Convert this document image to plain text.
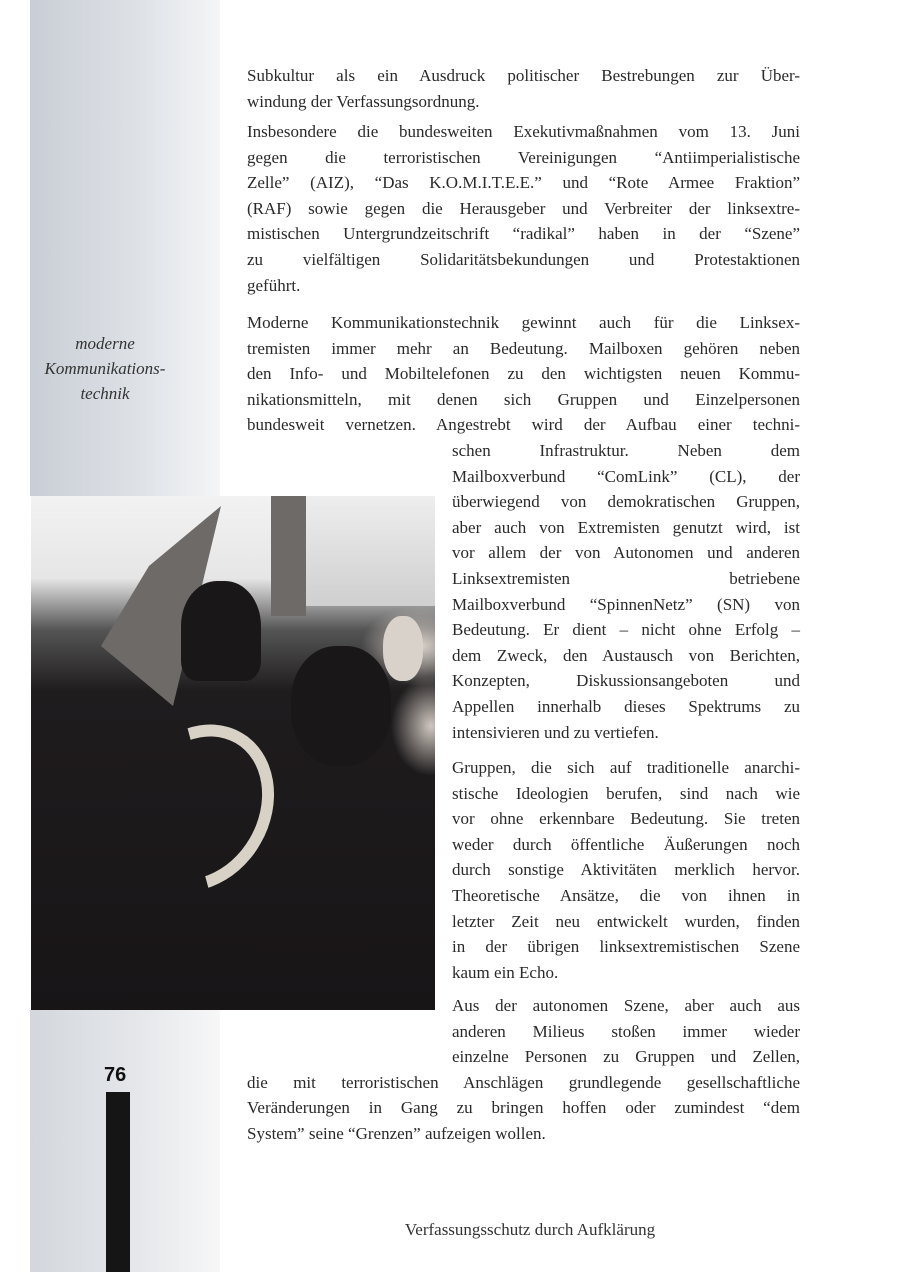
moderne
Kommunikations-
technik
Subkultur als ein Ausdruck politischer Bestrebungen zur Über-
windung der Verfassungsordnung.
Insbesondere die bundesweiten Exekutivmaßnahmen vom 13. Juni
gegen die terroristischen Vereinigungen “Antiimperialistische
Zelle” (AIZ), “Das K.O.M.I.T.E.E.” und “Rote Armee Fraktion”
(RAF) sowie gegen die Herausgeber und Verbreiter der linksextre-
mistischen Untergrundzeitschrift “radikal” haben in der “Szene”
zu vielfältigen Solidaritätsbekundungen und Protestaktionen
geführt.
Moderne Kommunikationstechnik gewinnt auch für die Linksex-
tremisten immer mehr an Bedeutung. Mailboxen gehören neben
den Info- und Mobiltelefonen zu den wichtigsten neuen Kommu-
nikationsmitteln, mit denen sich Gruppen und Einzelpersonen
bundesweit vernetzen. Angestrebt wird der Aufbau einer techni-
schen Infrastruktur. Neben dem
Mailboxverbund “ComLink” (CL), der
überwiegend von demokratischen Gruppen,
aber auch von Extremisten genutzt wird, ist
vor allem der von Autonomen und anderen
Linksextremisten betriebene
Mailboxverbund “SpinnenNetz” (SN) von
Bedeutung. Er dient – nicht ohne Erfolg –
dem Zweck, den Austausch von Berichten,
Konzepten, Diskussionsangeboten und
Appellen innerhalb dieses Spektrums zu
intensivieren und zu vertiefen.
Gruppen, die sich auf traditionelle anarchi-
stische Ideologien berufen, sind nach wie
vor ohne erkennbare Bedeutung. Sie treten
weder durch öffentliche Äußerungen noch
durch sonstige Aktivitäten merklich hervor.
Theoretische Ansätze, die von ihnen in
letzter Zeit neu entwickelt wurden, finden
in der übrigen linksextremistischen Szene
kaum ein Echo.
Aus der autonomen Szene, aber auch aus
anderen Milieus stoßen immer wieder
einzelne Personen zu Gruppen und Zellen,
die mit terroristischen Anschlägen grundlegende gesellschaftliche
Veränderungen in Gang zu bringen hoffen oder zumindest “dem
System” seine “Grenzen” aufzeigen wollen.
76
Verfassungsschutz durch Aufklärung
